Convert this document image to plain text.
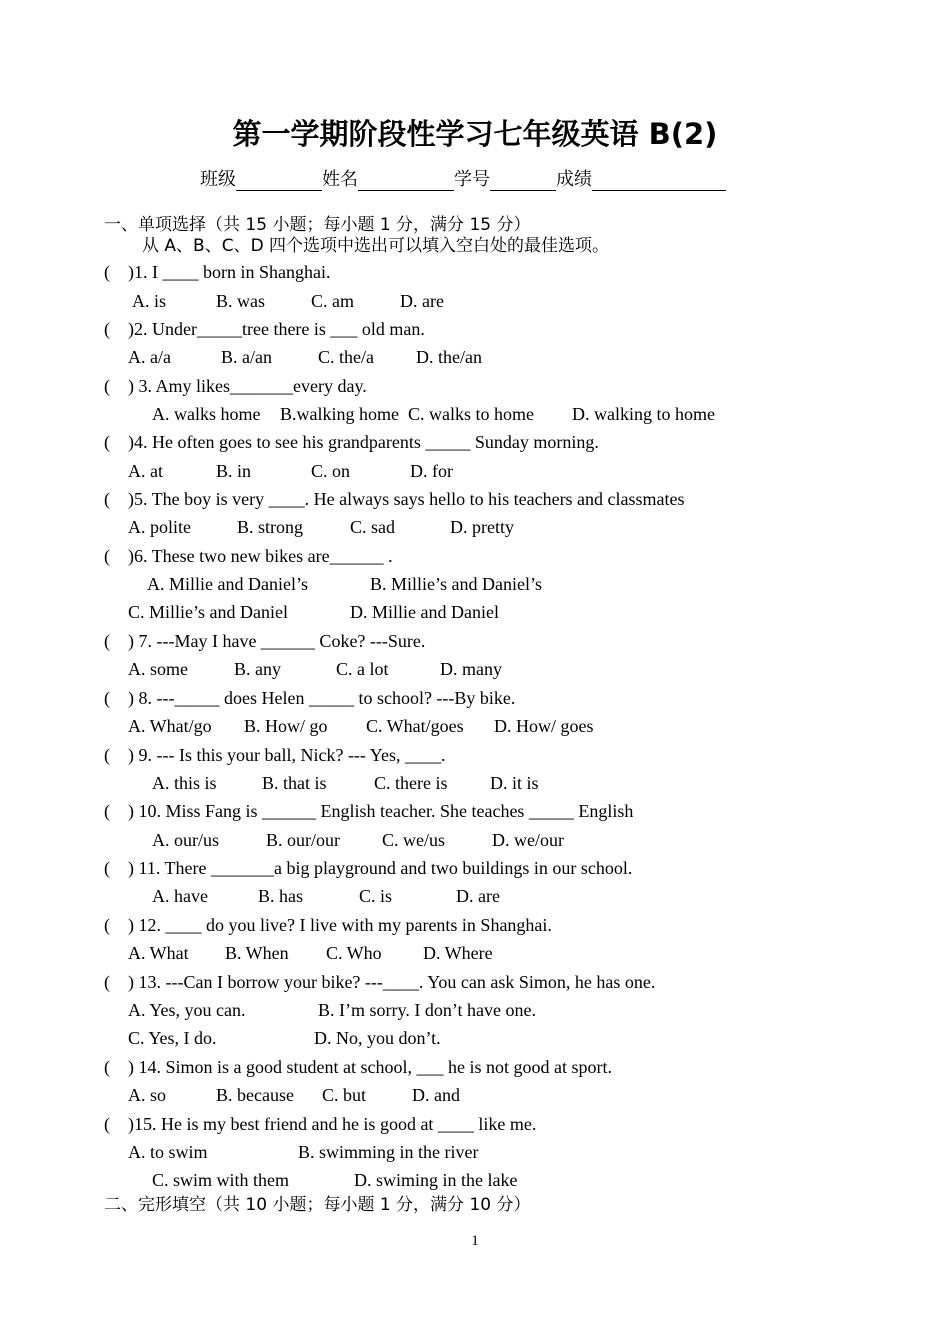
第一学期阶段性学习七年级英语 B(2)
班级	姓名	学号	成绩
一、单项选择（共 15 小题；每小题 1 分，满分 15 分）
从 A、B、C、D 四个选项中选出可以填入空白处的最佳选项。
(　)1. I ____ born in Shanghai.
A. is	B. was	C. am	D. are
(　)2. Under_____tree there is ___ old man.
A. a/a	B. a/an	C. the/a D. the/an
(　) 3. Amy likes_______every day.
A. walks home B.walking home C. walks to home D. walking to home
(　)4. He often goes to see his grandparents _____ Sunday morning.
A. at	B. in	C. on	D. for
(　)5. The boy is very ____. He always says hello to his teachers and classmates
A. polite	B. strong	C. sad	D. pretty
(　)6. These two new bikes are______ .
A. Millie and Daniel’s	B. Millie’s and Daniel’s
C. Millie’s and Daniel	D. Millie and Daniel
(　) 7. ---May I have ______ Coke? ---Sure.
A. some	B. any	C. a lot	D. many
(　) 8. ---_____ does Helen _____ to school? ---By bike.
A. What/go B. How/ go C. What/goes D. How/ goes
(　) 9. --- Is this your ball, Nick? --- Yes, ____.
A. this is	B. that is	C. there is D. it is
(　) 10. Miss Fang is ______ English teacher. She teaches _____ English
A. our/us	B. our/our C. we/us	D. we/our
(　) 11. There _______a big playground and two buildings in our school.
A. have	B. has	C. is	D. are
(　) 12. ____ do you live? I live with my parents in Shanghai.
A. What B. When C. Who D. Where
(　) 13. ---Can I borrow your bike? ---____. You can ask Simon, he has one.
A. Yes, you can.	B. I’m sorry. I don’t have one.
C. Yes, I do.	D. No, you don’t.
(　) 14. Simon is a good student at school, ___ he is not good at sport.
A. so	B. because C. but	D. and
(　)15. He is my best friend and he is good at ____ like me.
A. to swim	B. swimming in the river
C. swim with them	D. swiming in the lake
二、完形填空（共 10 小题；每小题 1 分，满分 10 分）
1
